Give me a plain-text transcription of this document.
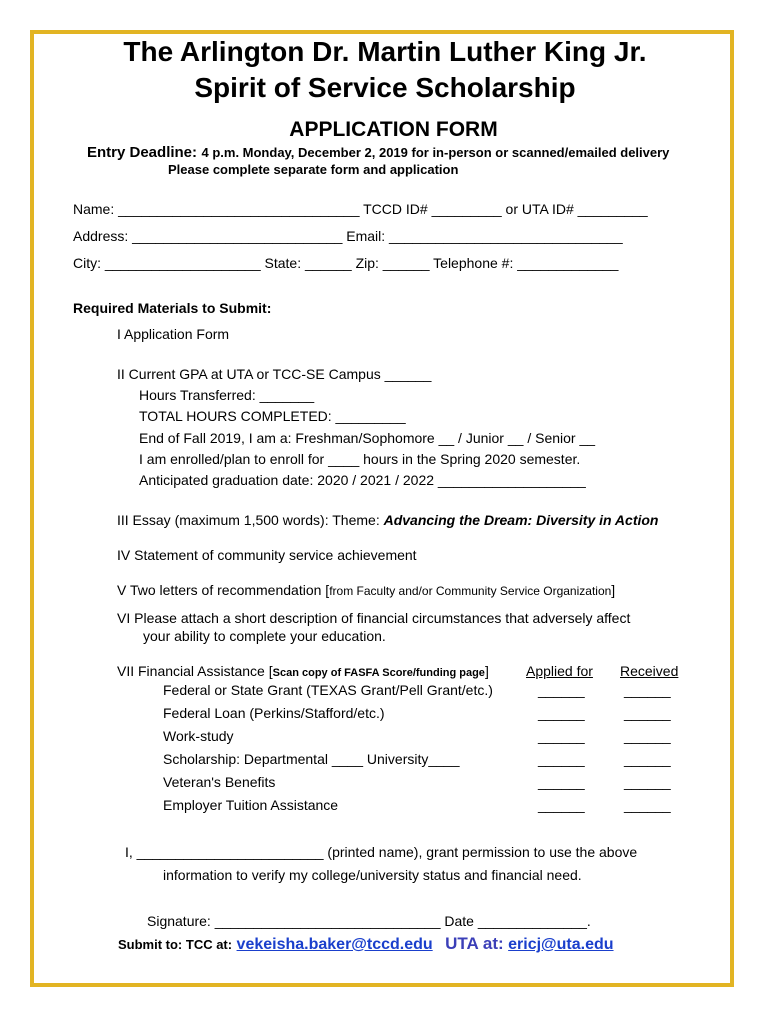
The Arlington Dr. Martin Luther King Jr.
Spirit of Service Scholarship
APPLICATION FORM
Entry Deadline: 4 p.m. Monday, December 2, 2019 for in-person or scanned/emailed delivery
Please complete separate form and application
Name: _______________________________ TCCD ID# _________ or UTA ID# _________
Address: ___________________________ Email: ______________________________
City: ____________________ State: ______ Zip: ______ Telephone #: _____________
Required Materials to Submit:
I Application Form
II Current GPA at UTA or TCC-SE Campus ______
Hours Transferred: _______
TOTAL HOURS COMPLETED: _________
End of Fall 2019, I am a: Freshman/Sophomore __ / Junior __ / Senior __
I am enrolled/plan to enroll for ____ hours in the Spring 2020 semester.
Anticipated graduation date: 2020 / 2021 / 2022 ___________________
III Essay (maximum 1,500 words): Theme: Advancing the Dream: Diversity in Action
IV Statement of community service achievement
V Two letters of recommendation [from Faculty and/or Community Service Organization]
VI Please attach a short description of financial circumstances that adversely affect
your ability to complete your education.
VII Financial Assistance [Scan copy of FASFA Score/funding page]	Applied for Received
Federal or State Grant (TEXAS Grant/Pell Grant/etc.)	______	______
Federal Loan (Perkins/Stafford/etc.)	______	______
Work-study	______	______
Scholarship: Departmental ____ University____	______	______
Veteran's Benefits	______	______
Employer Tuition Assistance	______	______
I, ________________________ (printed name), grant permission to use the above
information to verify my college/university status and financial need.
Signature: _____________________________ Date ______________.
Submit to: TCC at: vekeisha.baker@tccd.edu UTA at: ericj@uta.edu
